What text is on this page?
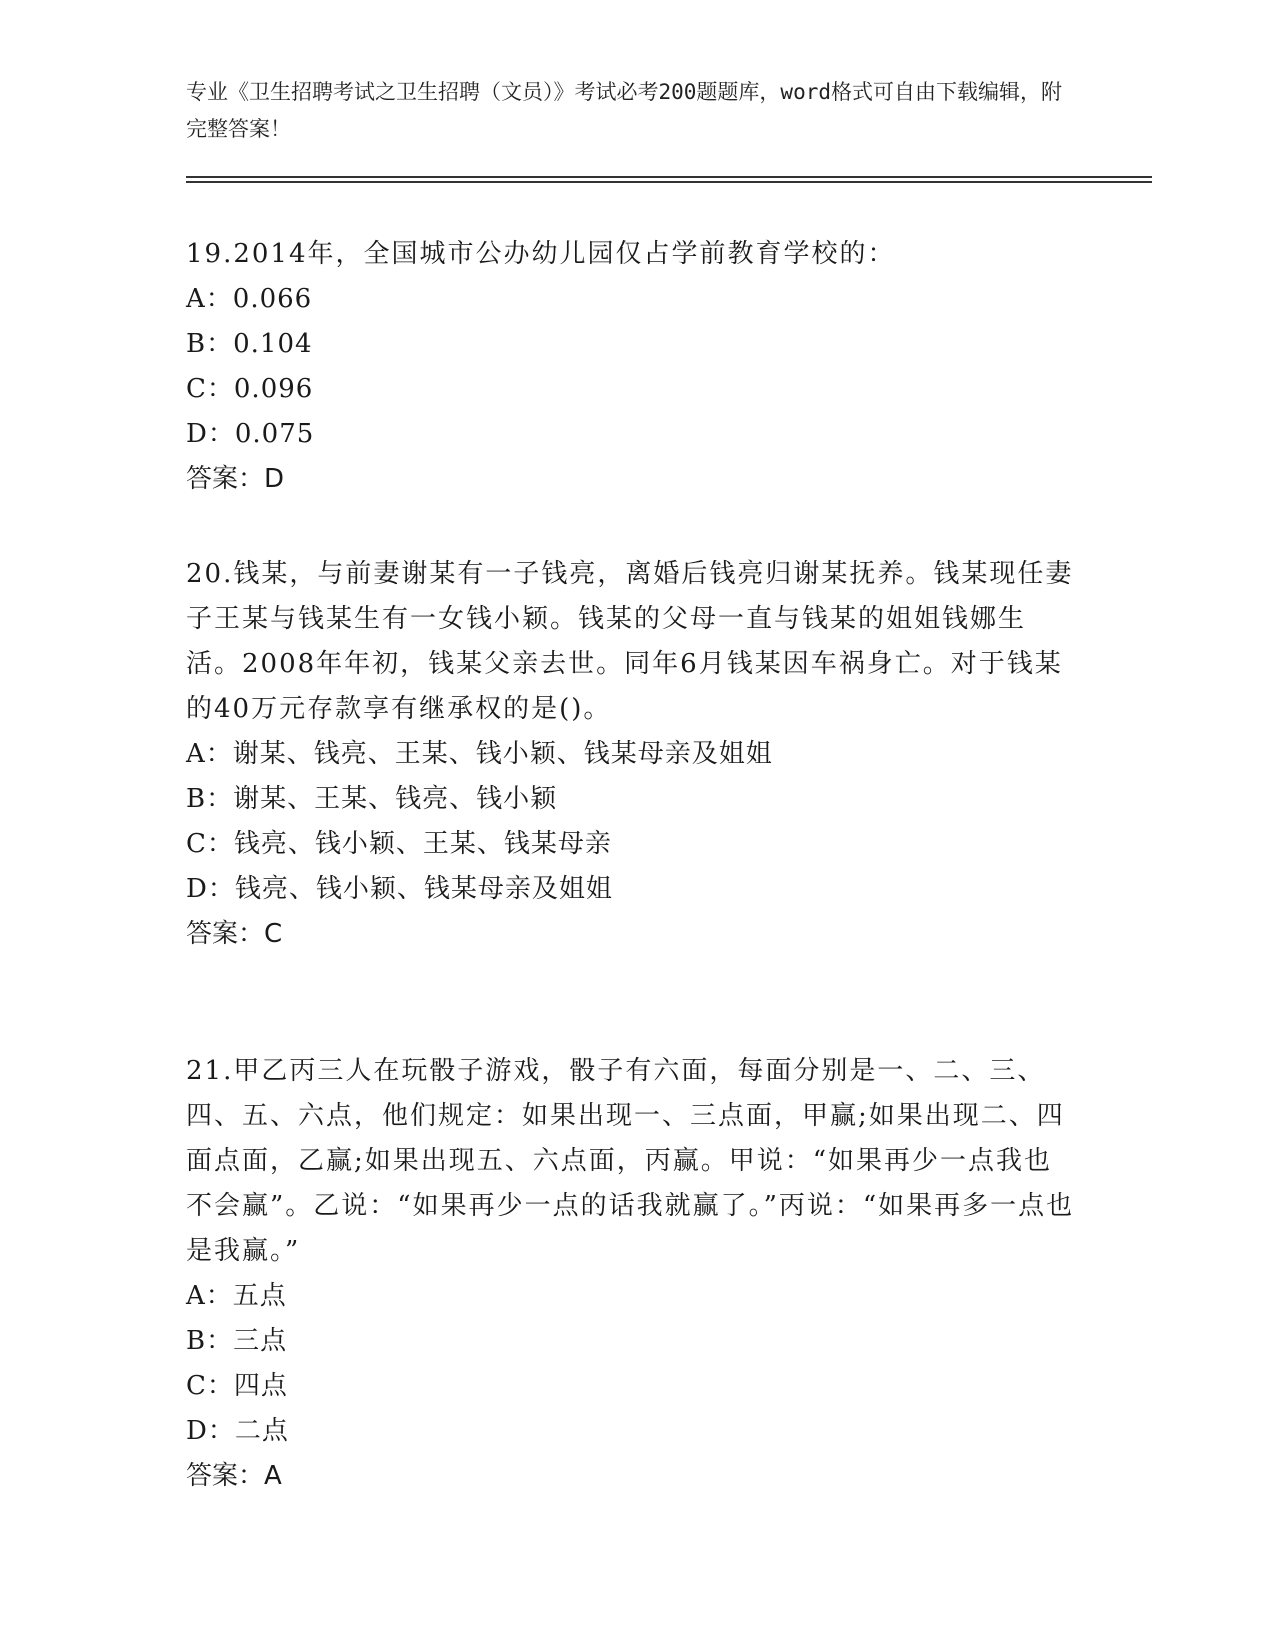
专业《卫生招聘考试之卫生招聘（文员）》考试必考200题题库，word格式可自由下载编辑，附完整答案！

19.2014年，全国城市公办幼儿园仅占学前教育学校的：

A：0.066

B：0.104

C：0.096

D：0.075

答案：D

20.钱某，与前妻谢某有一子钱亮，离婚后钱亮归谢某抚养。钱某现任妻子王某与钱某生有一女钱小颖。钱某的父母一直与钱某的姐姐钱娜生活。2008年年初，钱某父亲去世。同年6月钱某因车祸身亡。对于钱某的40万元存款享有继承权的是()。

A：谢某、钱亮、王某、钱小颖、钱某母亲及姐姐

B：谢某、王某、钱亮、钱小颖

C：钱亮、钱小颖、王某、钱某母亲

D：钱亮、钱小颖、钱某母亲及姐姐

答案：C

21.甲乙丙三人在玩骰子游戏，骰子有六面，每面分别是一、二、三、四、五、六点，他们规定：如果出现一、三点面，甲赢;如果出现二、四面点面，乙赢;如果出现五、六点面，丙赢。甲说：“如果再少一点我也不会赢”。乙说：“如果再少一点的话我就赢了。”丙说：“如果再多一点也是我赢。”

A：五点

B：三点

C：四点

D：二点

答案：A
